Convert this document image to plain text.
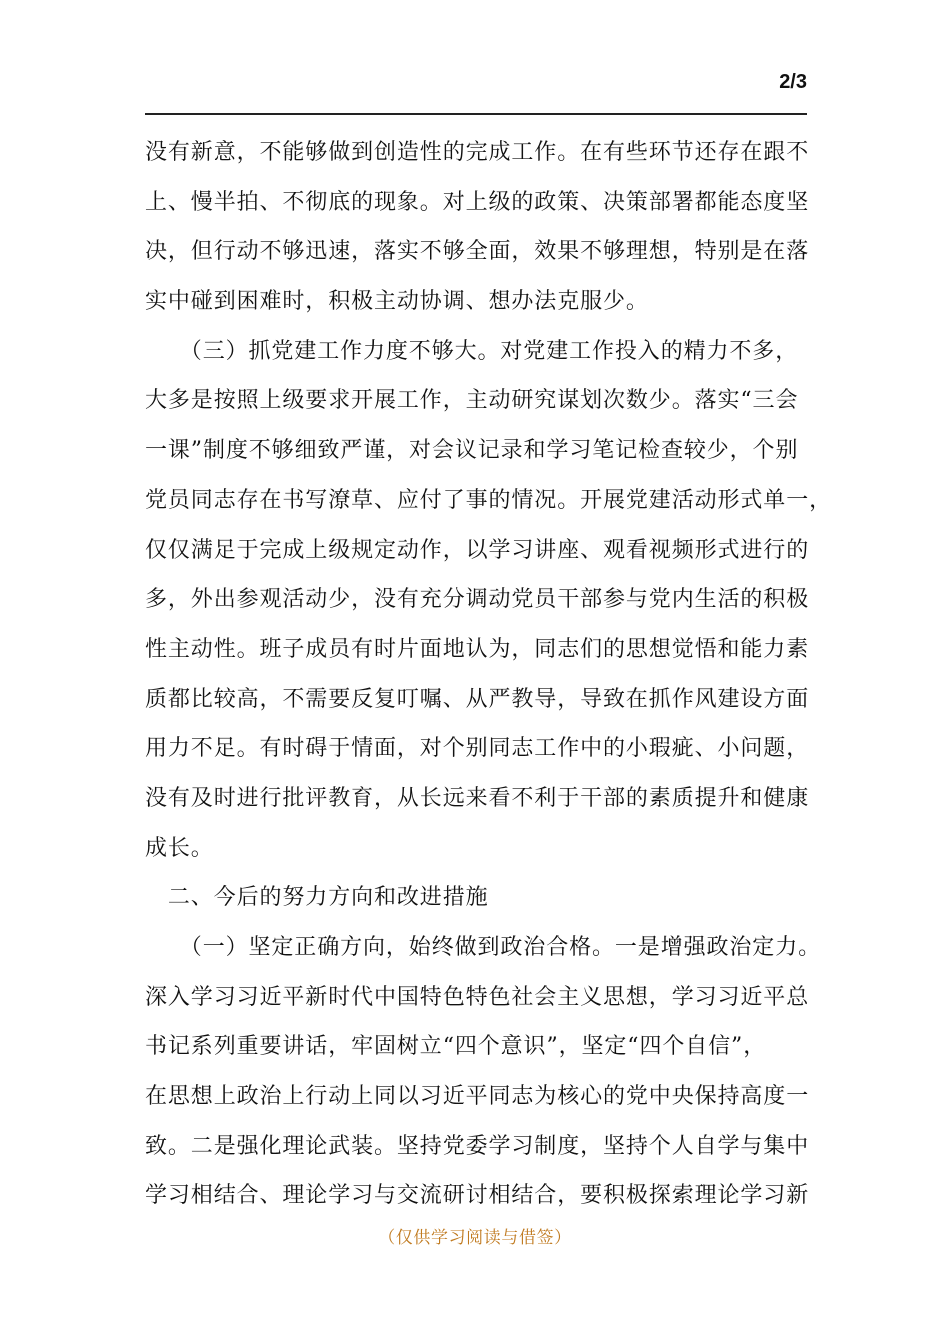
2/3
没有新意，不能够做到创造性的完成工作。在有些环节还存在跟不
上、慢半拍、不彻底的现象。对上级的政策、决策部署都能态度坚
决，但行动不够迅速，落实不够全面，效果不够理想，特别是在落
实中碰到困难时，积极主动协调、想办法克服少。
　　（三）抓党建工作力度不够大。对党建工作投入的精力不多，
大多是按照上级要求开展工作，主动研究谋划次数少。落实“三会
一课”制度不够细致严谨，对会议记录和学习笔记检查较少，个别
党员同志存在书写潦草、应付了事的情况。开展党建活动形式单一，
仅仅满足于完成上级规定动作，以学习讲座、观看视频形式进行的
多，外出参观活动少，没有充分调动党员干部参与党内生活的积极
性主动性。班子成员有时片面地认为，同志们的思想觉悟和能力素
质都比较高，不需要反复叮嘱、从严教导，导致在抓作风建设方面
用力不足。有时碍于情面，对个别同志工作中的小瑕疵、小问题，
没有及时进行批评教育，从长远来看不利于干部的素质提升和健康
成长。
　二、今后的努力方向和改进措施
　　（一）坚定正确方向，始终做到政治合格。一是增强政治定力。
深入学习习近平新时代中国特色特色社会主义思想，学习习近平总
书记系列重要讲话，牢固树立“四个意识”，坚定“四个自信”，
在思想上政治上行动上同以习近平同志为核心的党中央保持高度一
致。二是强化理论武装。坚持党委学习制度，坚持个人自学与集中
学习相结合、理论学习与交流研讨相结合，要积极探索理论学习新
（仅供学习阅读与借签）
